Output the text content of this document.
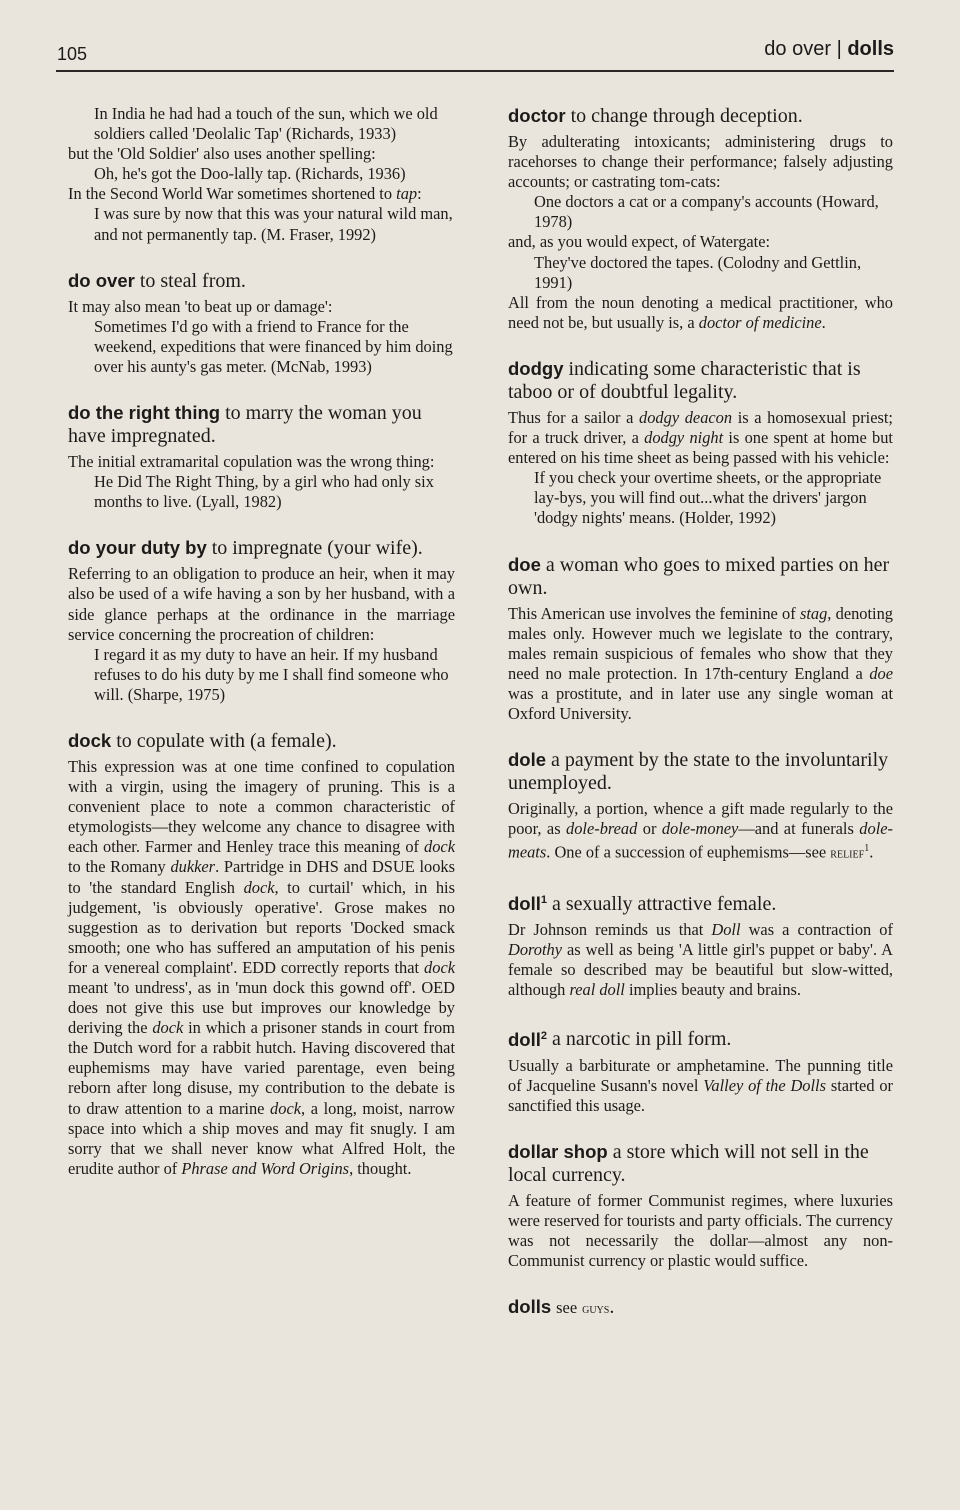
105	do over | dolls

In India he had had a touch of the sun, which we old soldiers called 'Deolalic Tap' (Richards, 1933)

but the 'Old Soldier' also uses another spelling:

Oh, he's got the Doo-lally tap. (Richards, 1936)

In the Second World War sometimes shortened to tap:

I was sure by now that this was your natural wild man, and not permanently tap. (M. Fraser, 1992)

do over to steal from.

It may also mean 'to beat up or damage':

Sometimes I'd go with a friend to France for the weekend, expeditions that were financed by him doing over his aunty's gas meter. (McNab, 1993)

do the right thing to marry the woman you have impregnated.

The initial extramarital copulation was the wrong thing:

He Did The Right Thing, by a girl who had only six months to live. (Lyall, 1982)

do your duty by to impregnate (your wife).

Referring to an obligation to produce an heir, when it may also be used of a wife having a son by her husband, with a side glance perhaps at the ordinance in the marriage service concerning the procreation of children:

I regard it as my duty to have an heir. If my husband refuses to do his duty by me I shall find someone who will. (Sharpe, 1975)

dock to copulate with (a female).

This expression was at one time confined to copulation with a virgin, using the imagery of pruning. This is a convenient place to note a common characteristic of etymologists—they welcome any chance to disagree with each other. Farmer and Henley trace this meaning of dock to the Romany dukker. Partridge in DHS and DSUE looks to 'the standard English dock, to curtail' which, in his judgement, 'is obviously operative'. Grose makes no suggestion as to derivation but reports 'Docked smack smooth; one who has suffered an amputation of his penis for a venereal complaint'. EDD correctly reports that dock meant 'to undress', as in 'mun dock this gownd off'. OED does not give this use but improves our knowledge by deriving the dock in which a prisoner stands in court from the Dutch word for a rabbit hutch. Having discovered that euphemisms may have varied parentage, even being reborn after long disuse, my contribution to the debate is to draw attention to a marine dock, a long, moist, narrow space into which a ship moves and may fit snugly. I am sorry that we shall never know what Alfred Holt, the erudite author of Phrase and Word Origins, thought.

doctor to change through deception.

By adulterating intoxicants; administering drugs to racehorses to change their performance; falsely adjusting accounts; or castrating tom-cats:

One doctors a cat or a company's accounts (Howard, 1978)

and, as you would expect, of Watergate:

They've doctored the tapes. (Colodny and Gettlin, 1991)

All from the noun denoting a medical practitioner, who need not be, but usually is, a doctor of medicine.

dodgy indicating some characteristic that is taboo or of doubtful legality.

Thus for a sailor a dodgy deacon is a homosexual priest; for a truck driver, a dodgy night is one spent at home but entered on his time sheet as being passed with his vehicle:

If you check your overtime sheets, or the appropriate lay-bys, you will find out...what the drivers' jargon 'dodgy nights' means. (Holder, 1992)

doe a woman who goes to mixed parties on her own.

This American use involves the feminine of stag, denoting males only. However much we legislate to the contrary, males remain suspicious of females who show that they need no male protection. In 17th-century England a doe was a prostitute, and in later use any single woman at Oxford University.

dole a payment by the state to the involuntarily unemployed.

Originally, a portion, whence a gift made regularly to the poor, as dole-bread or dole-money—and at funerals dole-meats. One of a succession of euphemisms—see relief$^1$.

doll$^1$ a sexually attractive female.

Dr Johnson reminds us that Doll was a contraction of Dorothy as well as being 'A little girl's puppet or baby'. A female so described may be beautiful but slow-witted, although real doll implies beauty and brains.

doll$^2$ a narcotic in pill form.

Usually a barbiturate or amphetamine. The punning title of Jacqueline Susann's novel Valley of the Dolls started or sanctified this usage.

dollar shop a store which will not sell in the local currency.

A feature of former Communist regimes, where luxuries were reserved for tourists and party officials. The currency was not necessarily the dollar—almost any non-Communist currency or plastic would suffice.

dolls see guys.
